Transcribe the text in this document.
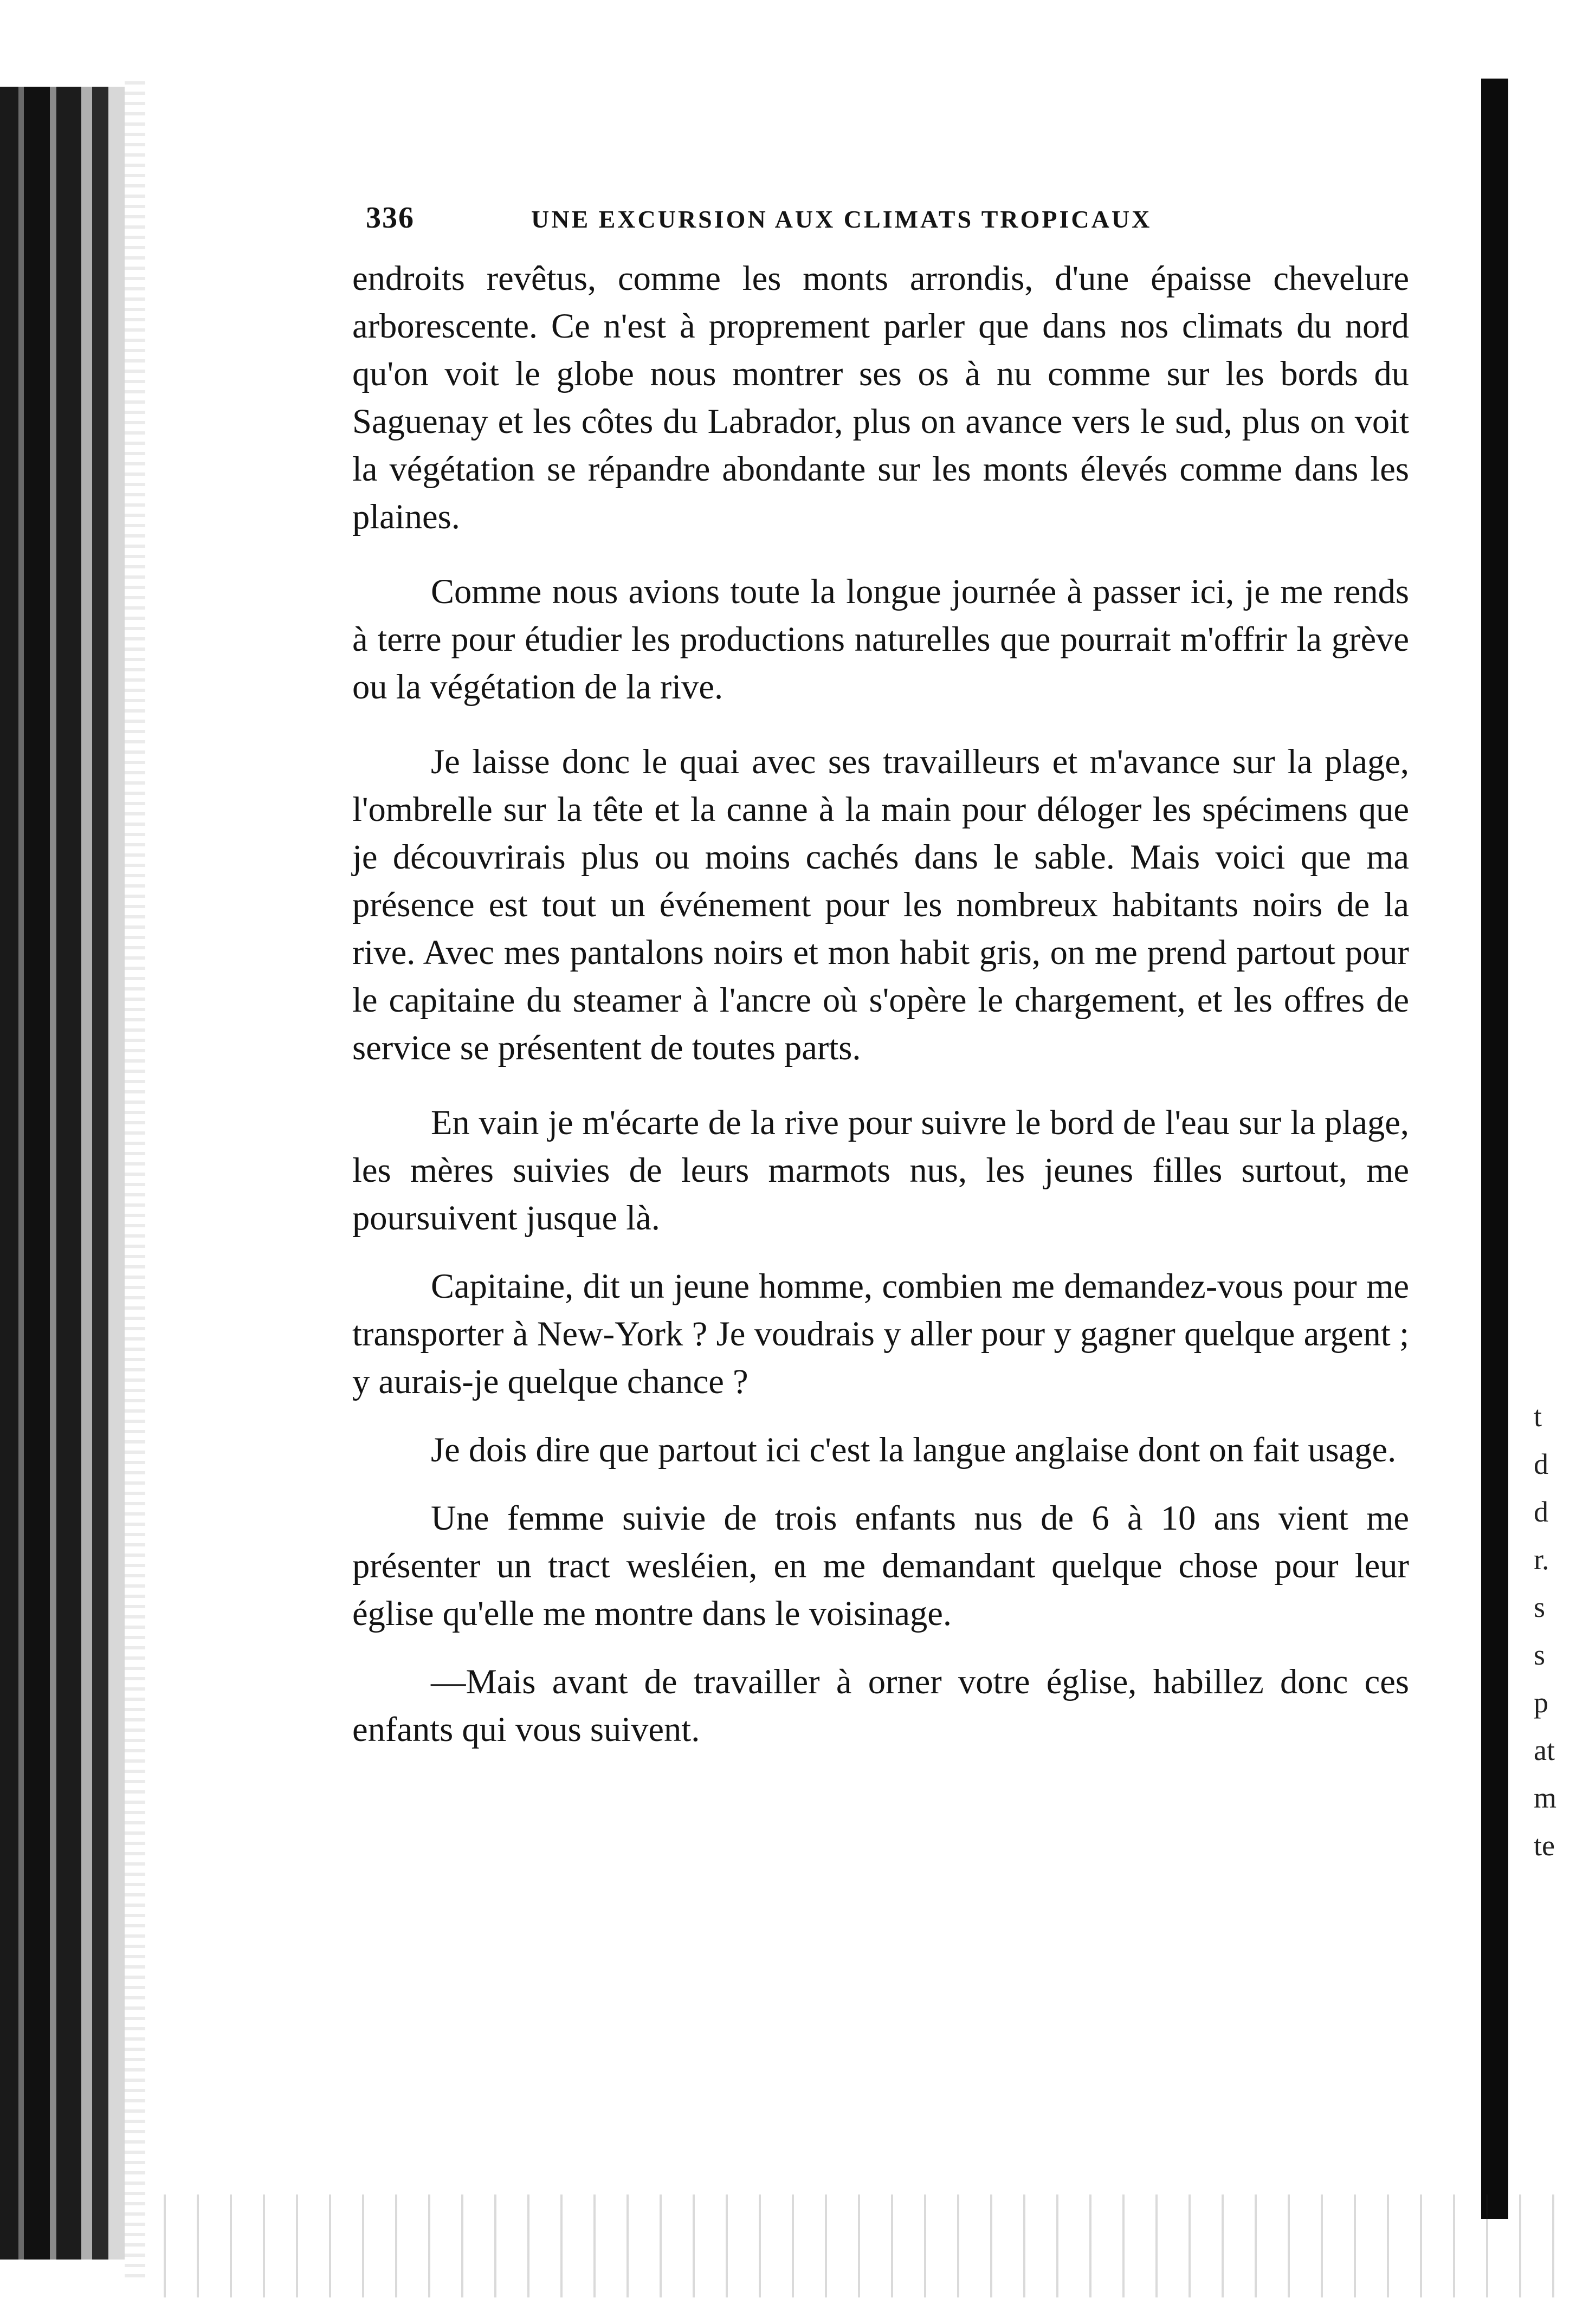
336	UNE EXCURSION AUX CLIMATS TROPICAUX

endroits revêtus, comme les monts arrondis, d'une épaisse chevelure arborescente. Ce n'est à proprement parler que dans nos climats du nord qu'on voit le globe nous montrer ses os à nu comme sur les bords du Saguenay et les côtes du Labrador, plus on avance vers le sud, plus on voit la végétation se répandre abondante sur les monts élevés comme dans les plaines.

Comme nous avions toute la longue journée à passer ici, je me rends à terre pour étudier les productions naturelles que pourrait m'offrir la grève ou la végétation de la rive.

Je laisse donc le quai avec ses travailleurs et m'avance sur la plage, l'ombrelle sur la tête et la canne à la main pour déloger les spécimens que je découvrirais plus ou moins cachés dans le sable. Mais voici que ma présence est tout un événement pour les nombreux habitants noirs de la rive. Avec mes pantalons noirs et mon habit gris, on me prend partout pour le capitaine du steamer à l'ancre où s'opère le chargement, et les offres de service se présentent de toutes parts.

En vain je m'écarte de la rive pour suivre le bord de l'eau sur la plage, les mères suivies de leurs marmots nus, les jeunes filles surtout, me poursuivent jusque là.

Capitaine, dit un jeune homme, combien me demandez-vous pour me transporter à New-York ? Je voudrais y aller pour y gagner quelque argent ; y aurais-je quelque chance ?

Je dois dire que partout ici c'est la langue anglaise dont on fait usage.

Une femme suivie de trois enfants nus de 6 à 10 ans vient me présenter un tract wesléien, en me demandant quelque chose pour leur église qu'elle me montre dans le voisinage.

—Mais avant de travailler à orner votre église, habillez donc ces enfants qui vous suivent.

t
d
d
r.
s
s
p
at
m
te
